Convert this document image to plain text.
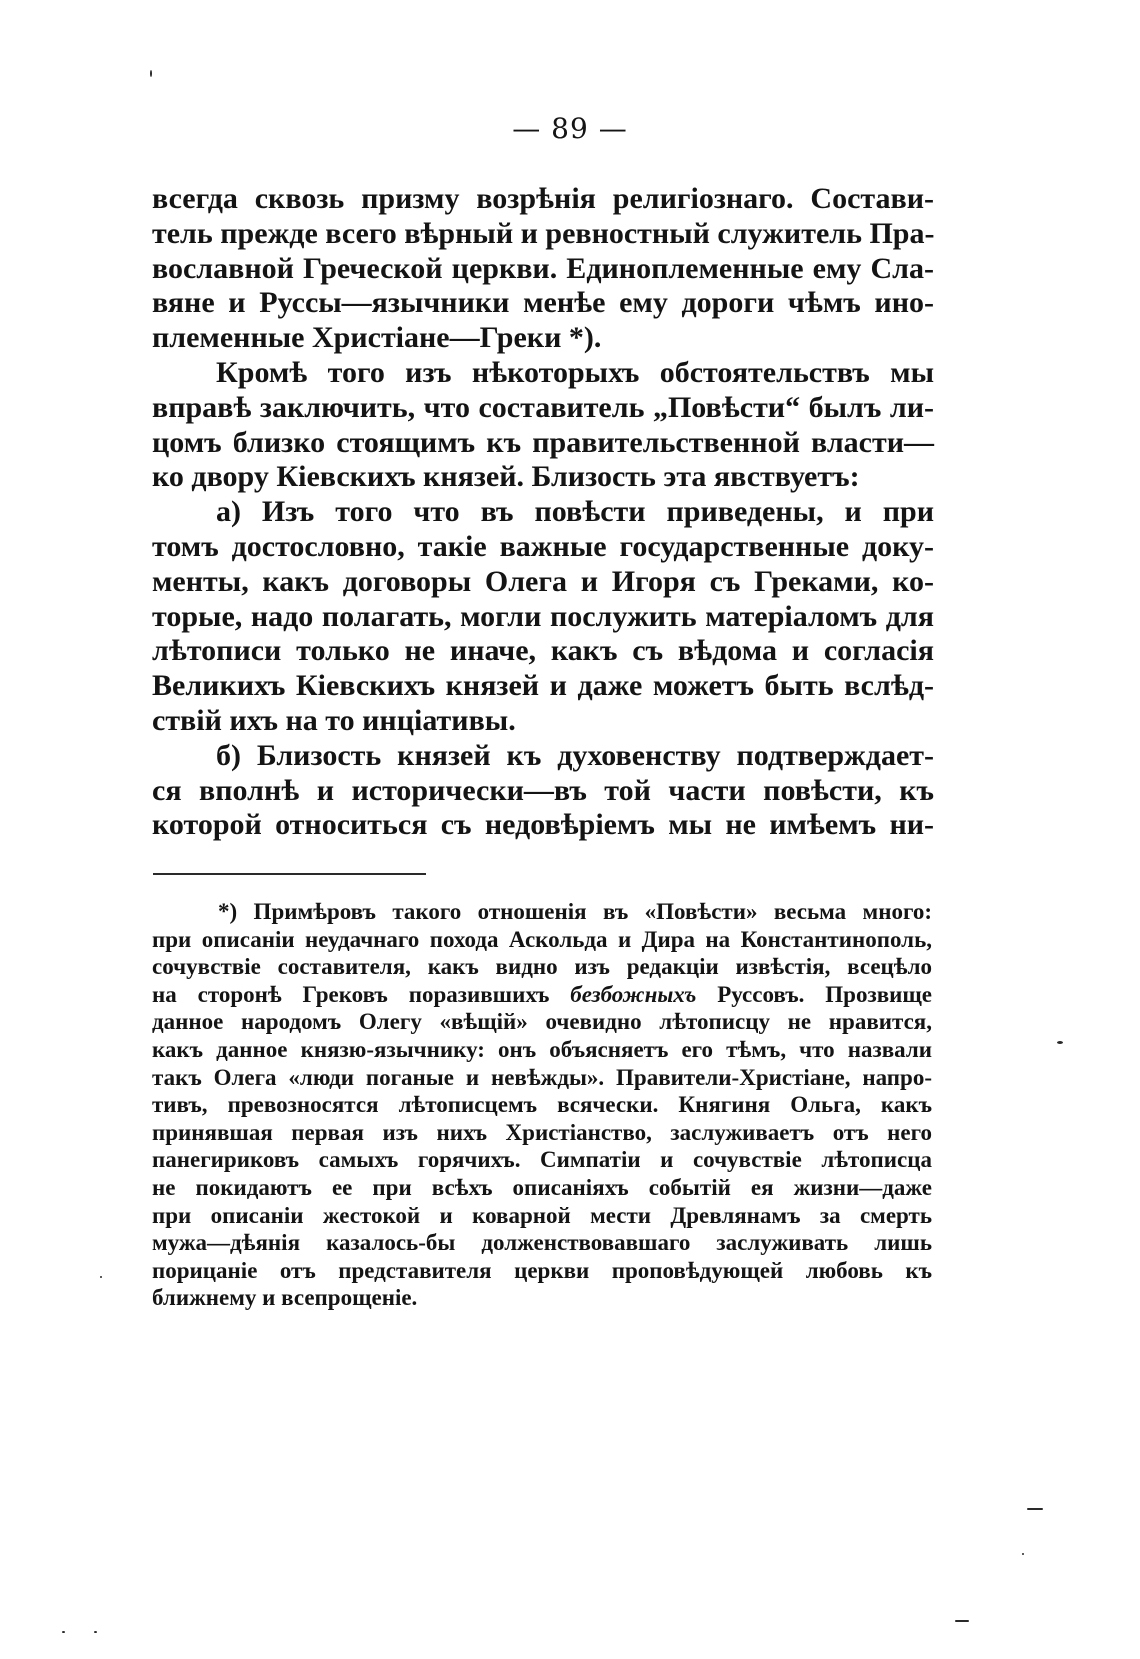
— 89 —
всегда сквозь призму возрѣнія религіознаго. Состави-
тель прежде всего вѣрный и ревностный служитель Пра-
вославной Греческой церкви. Единоплеменные ему Сла-
вяне и Руссы—язычники менѣе ему дороги чѣмъ ино-
племенные Христіане—Греки *).
Кромѣ того изъ нѣкоторыхъ обстоятельствъ мы
вправѣ заключить, что составитель „Повѣсти“ былъ ли-
цомъ близко стоящимъ къ правительственной власти—
ко двору Кіевскихъ князей. Близость эта явствуетъ:
а) Изъ того что въ повѣсти приведены, и при
томъ достословно, такіе важные государственные доку-
менты, какъ договоры Олега и Игоря съ Греками, ко-
торые, надо полагать, могли послужить матеріаломъ для
лѣтописи только не иначе, какъ съ вѣдома и согласія
Великихъ Кіевскихъ князей и даже можетъ быть вслѣд-
ствій ихъ на то инціативы.
б) Близость князей къ духовенству подтверждает-
ся вполнѣ и исторически—въ той части повѣсти, къ
которой относиться съ недовѣріемъ мы не имѣемъ ни-
*) Примѣровъ такого отношенія въ «Повѣсти» весьма много:
при описаніи неудачнаго похода Аскольда и Дира на Константинополь,
сочувствіе составителя, какъ видно изъ редакціи извѣстія, всецѣло
на сторонѣ Грековъ поразившихъ безбожныхъ Руссовъ. Прозвище
данное народомъ Олегу «вѣщій» очевидно лѣтописцу не нравится,
какъ данное князю-язычнику: онъ объясняетъ его тѣмъ, что назвали
такъ Олега «люди поганые и невѣжды». Правители-Христіане, напро-
тивъ, превозносятся лѣтописцемъ всячески. Княгиня Ольга, какъ
принявшая первая изъ нихъ Христіанство, заслуживаетъ отъ него
панегириковъ самыхъ горячихъ. Симпатіи и сочувствіе лѣтописца
не покидаютъ ее при всѣхъ описаніяхъ событій ея жизни—даже
при описаніи жестокой и коварной мести Древлянамъ за смерть
мужа—дѣянія казалось-бы долженствовавшаго заслуживать лишь
порицаніе отъ представителя церкви проповѣдующей любовь къ
ближнему и всепрощеніе.
